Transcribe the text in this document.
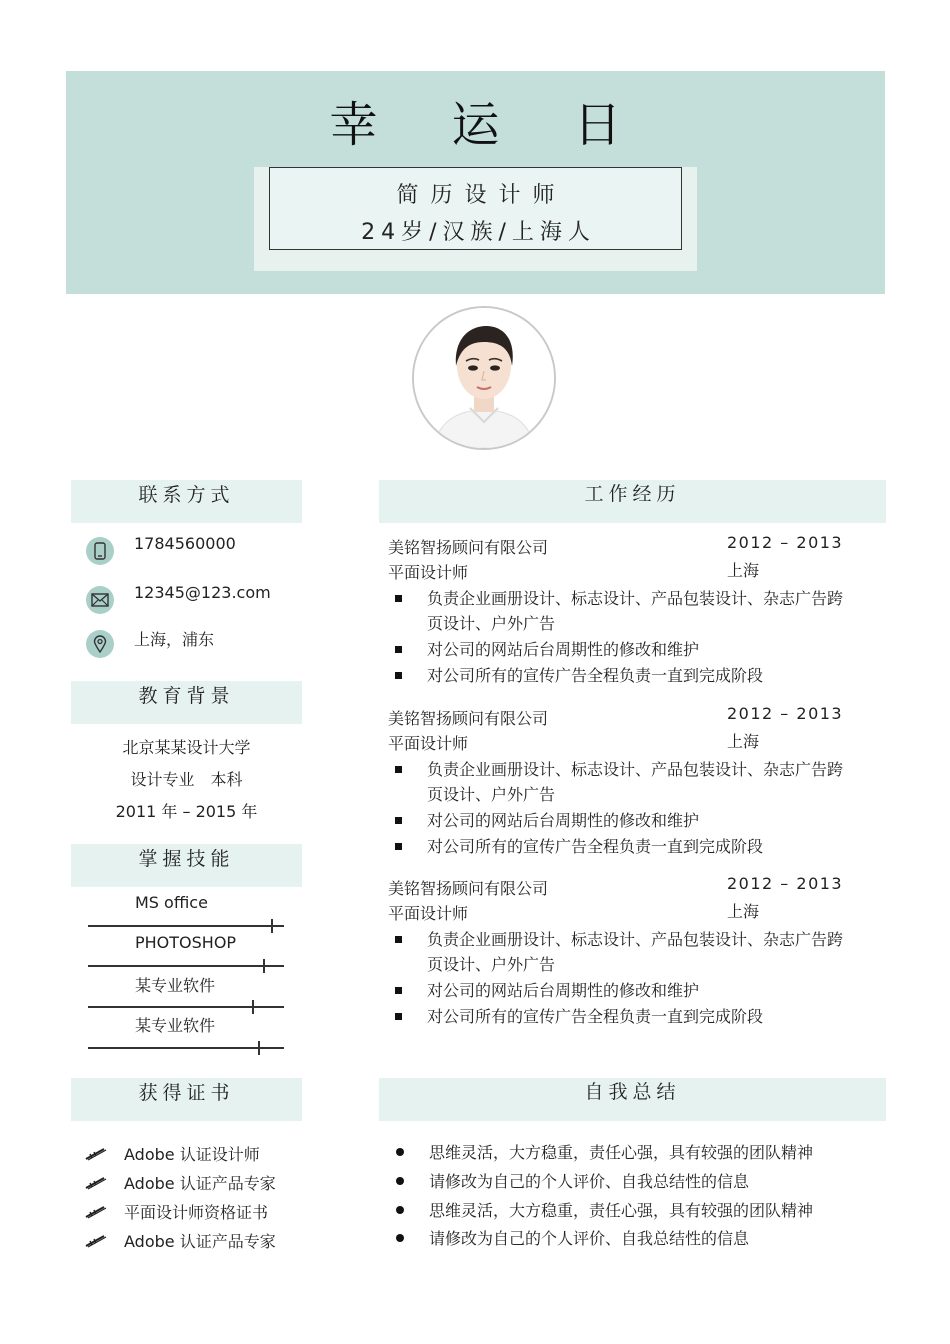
幸 运 日
简历设计师
24岁/汉族/上海人
联系方式
1784560000
12345@123.com
上海，浦东
教育背景
北京某某设计大学
设计专业　本科
2011 年 – 2015 年
掌握技能
MS office
PHOTOSHOP
某专业软件
某专业软件
获得证书
Adobe 认证设计师
Adobe 认证产品专家
平面设计师资格证书
Adobe 认证产品专家
工作经历
美铭智扬顾问有限公司	2012 – 2013
平面设计师	上海
负责企业画册设计、标志设计、产品包装设计、杂志广告跨页设计、户外广告
对公司的网站后台周期性的修改和维护
对公司所有的宣传广告全程负责一直到完成阶段
美铭智扬顾问有限公司	2012 – 2013
平面设计师	上海
负责企业画册设计、标志设计、产品包装设计、杂志广告跨页设计、户外广告
对公司的网站后台周期性的修改和维护
对公司所有的宣传广告全程负责一直到完成阶段
美铭智扬顾问有限公司	2012 – 2013
平面设计师	上海
负责企业画册设计、标志设计、产品包装设计、杂志广告跨页设计、户外广告
对公司的网站后台周期性的修改和维护
对公司所有的宣传广告全程负责一直到完成阶段
自我总结
思维灵活，大方稳重，责任心强，具有较强的团队精神
请修改为自己的个人评价、自我总结性的信息
思维灵活，大方稳重，责任心强，具有较强的团队精神
请修改为自己的个人评价、自我总结性的信息
